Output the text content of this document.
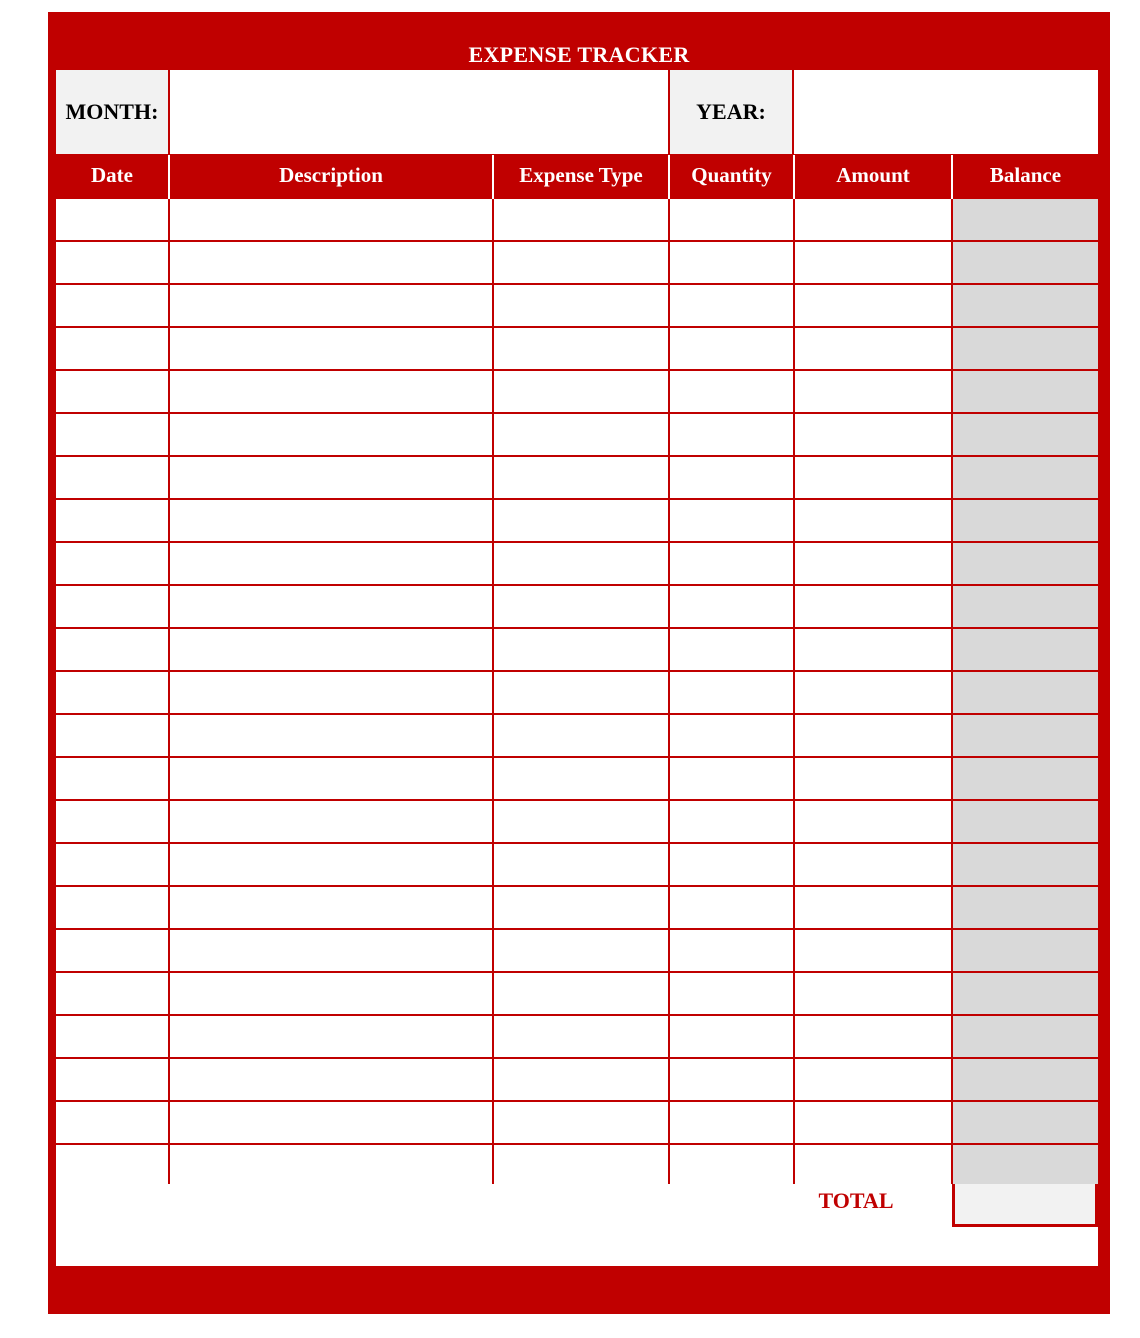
EXPENSE TRACKER
MONTH:	YEAR:
Date	Description	Expense Type	Quantity	Amount	Balance
TOTAL
